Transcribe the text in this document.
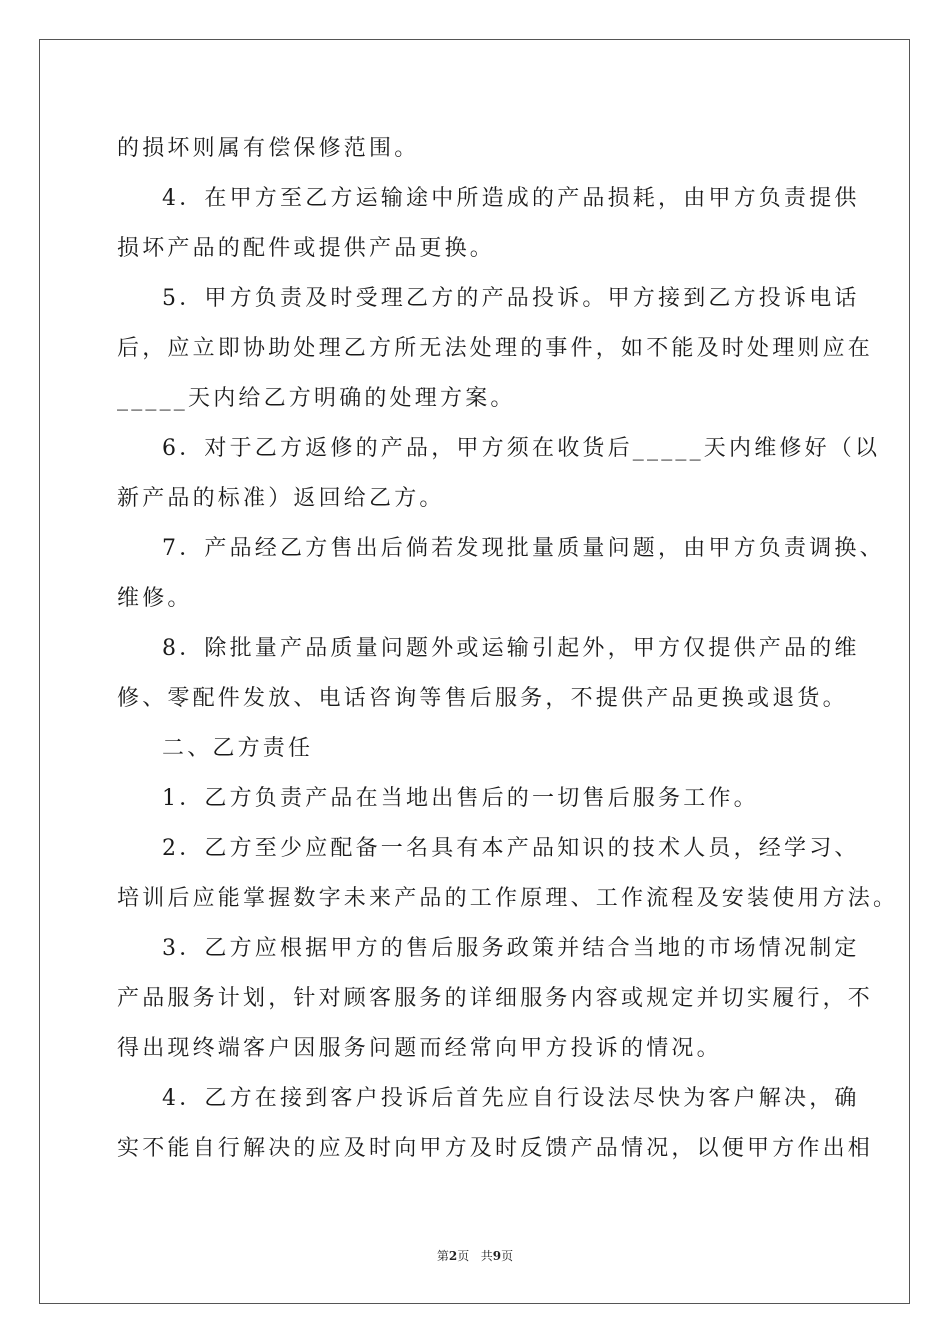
的损坏则属有偿保修范围。
4．在甲方至乙方运输途中所造成的产品损耗，由甲方负责提供
损坏产品的配件或提供产品更换。
5．甲方负责及时受理乙方的产品投诉。甲方接到乙方投诉电话
后，应立即协助处理乙方所无法处理的事件，如不能及时处理则应在
_____天内给乙方明确的处理方案。
6．对于乙方返修的产品，甲方须在收货后_____天内维修好（以
新产品的标准）返回给乙方。
7．产品经乙方售出后倘若发现批量质量问题，由甲方负责调换、
维修。
8．除批量产品质量问题外或运输引起外，甲方仅提供产品的维
修、零配件发放、电话咨询等售后服务，不提供产品更换或退货。
二、乙方责任
1．乙方负责产品在当地出售后的一切售后服务工作。
2．乙方至少应配备一名具有本产品知识的技术人员，经学习、
培训后应能掌握数字未来产品的工作原理、工作流程及安装使用方法。
3．乙方应根据甲方的售后服务政策并结合当地的市场情况制定
产品服务计划，针对顾客服务的详细服务内容或规定并切实履行，不
得出现终端客户因服务问题而经常向甲方投诉的情况。
4．乙方在接到客户投诉后首先应自行设法尽快为客户解决，确
实不能自行解决的应及时向甲方及时反馈产品情况，以便甲方作出相
第2页 共9页
